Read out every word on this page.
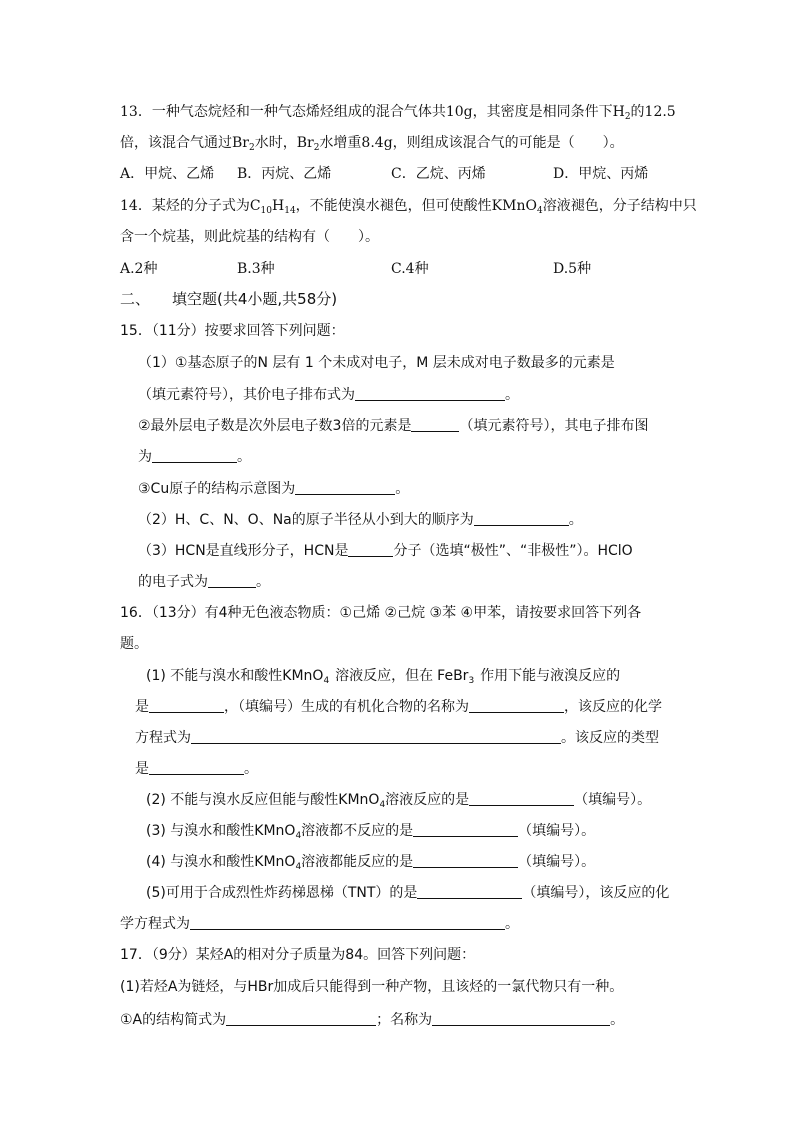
13．一种气态烷烃和一种气态烯烃组成的混合气体共10g，其密度是相同条件下$H_2$的12.5
倍，该混合气通过$Br_2$水时，$Br_2$水增重8.4g，则组成该混合气的可能是（　　）。
A．甲烷、乙烯 B．丙烷、乙烯	C．乙烷、丙烯	D．甲烷、丙烯
14．某烃的分子式为$C_{10}H_{14}$，不能使溴水褪色，但可使酸性KMnO$_4$溶液褪色，分子结构中只
含一个烷基，则此烷基的结构有（　　）。
A.2种	B.3种	C.4种	D.5种
二、 填空题(共4小题,共58分)
15．（11分）按要求回答下列问题：
（1）①基态原子的N 层有 1 个未成对电子，M 层未成对电子数最多的元素是
（填元素符号），其价电子排布式为	。
②最外层电子数是次外层电子数3倍的元素是	（填元素符号），其电子排布图
为	。
③Cu原子的结构示意图为	。
（2）H、C、N、O、Na的原子半径从小到大的顺序为	。
（3）HCN是直线形分子，HCN是	分子（选填“极性”、“非极性”）。HClO
的电子式为	。
16．（13分）有4种无色液态物质：①己烯 ②己烷 ③苯 ④甲苯，请按要求回答下列各
题。
(1) 不能与溴水和酸性KMnO$_4$ 溶液反应，但在 FeBr$_3$ 作用下能与液溴反应的
是	，（填编号）生成的有机化合物的名称为	，该反应的化学
方程式为	。该反应的类型
是	。
(2) 不能与溴水反应但能与酸性KMnO$_4$溶液反应的是	（填编号）。
(3) 与溴水和酸性KMnO$_4$溶液都不反应的是	（填编号）。
(4) 与溴水和酸性KMnO$_4$溶液都能反应的是	（填编号）。
(5)可用于合成烈性炸药梯恩梯（TNT）的是	（填编号），该反应的化
学方程式为	。
17．（9分）某烃A的相对分子质量为84。回答下列问题：
(1)若烃A为链烃，与HBr加成后只能得到一种产物，且该烃的一氯代物只有一种。
①A的结构简式为	；名称为	。
